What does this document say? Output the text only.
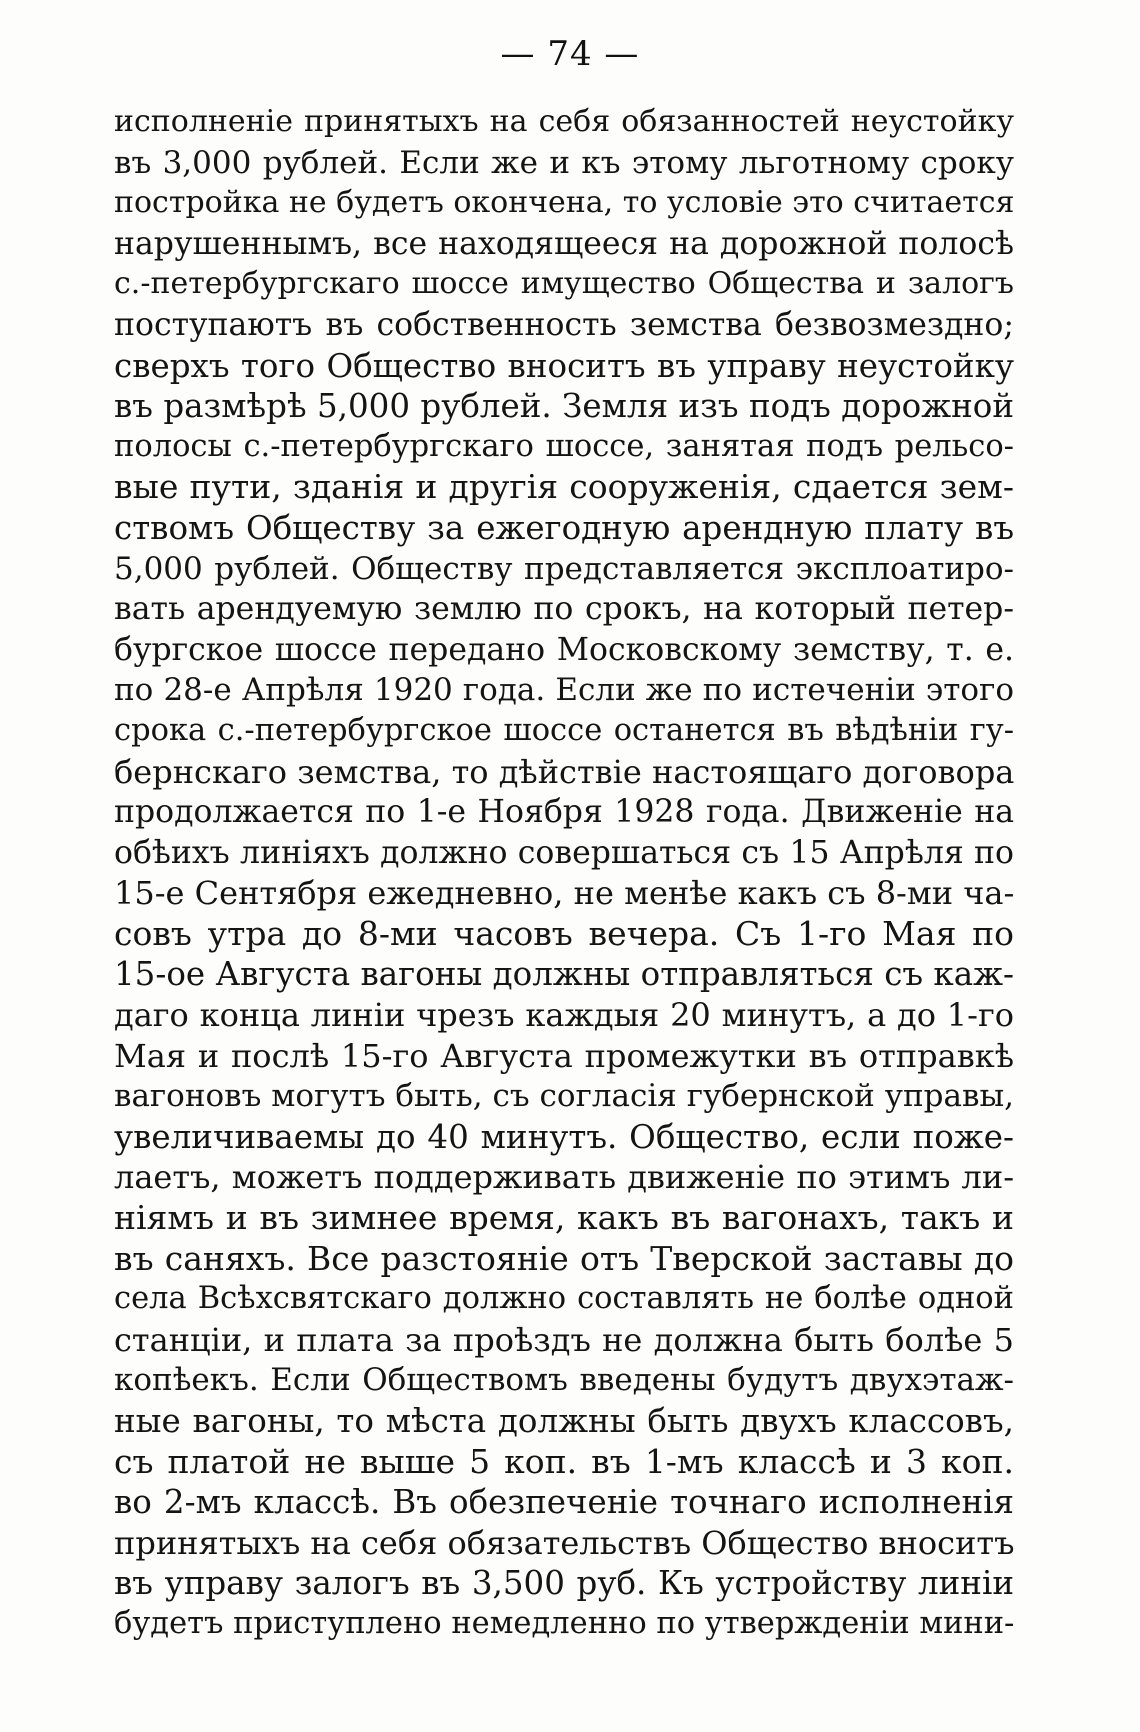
— 74 —
исполненіе принятыхъ на себя обязанностей неустойку
въ 3,000 рублей. Если же и къ этому льготному сроку
постройка не будетъ окончена, то условіе это считается
нарушеннымъ, все находящееся на дорожной полосѣ
с.-петербургскаго шоссе имущество Общества и залогъ
поступаютъ въ собственность земства безвозмездно;
сверхъ того Общество вноситъ въ управу неустойку
въ размѣрѣ 5,000 рублей. Земля изъ подъ дорожной
полосы с.-петербургскаго шоссе, занятая подъ рельсо-
вые пути, зданія и другія сооруженія, сдается зем-
ствомъ Обществу за ежегодную арендную плату въ
5,000 рублей. Обществу представляется эксплоатиро-
вать арендуемую землю по срокъ, на который петер-
бургское шоссе передано Московскому земству, т. е.
по 28-е Апрѣля 1920 года. Если же по истеченіи этого
срока с.-петербургское шоссе останется въ вѣдѣніи гу-
бернскаго земства, то дѣйствіе настоящаго договора
продолжается по 1-е Ноября 1928 года. Движеніе на
обѣихъ линіяхъ должно совершаться съ 15 Апрѣля по
15-е Сентября ежедневно, не менѣе какъ съ 8-ми ча-
совъ утра до 8-ми часовъ вечера. Съ 1-го Мая по
15-ое Августа вагоны должны отправляться съ каж-
даго конца линіи чрезъ каждыя 20 минутъ, а до 1-го
Мая и послѣ 15-го Августа промежутки въ отправкѣ
вагоновъ могутъ быть, съ согласія губернской управы,
увеличиваемы до 40 минутъ. Общество, если поже-
лаетъ, можетъ поддерживать движеніе по этимъ ли-
ніямъ и въ зимнее время, какъ въ вагонахъ, такъ и
въ саняхъ. Все разстояніе отъ Тверской заставы до
села Всѣхсвятскаго должно составлять не болѣе одной
станціи, и плата за проѣздъ не должна быть болѣе 5
копѣекъ. Если Обществомъ введены будутъ двухэтаж-
ные вагоны, то мѣста должны быть двухъ классовъ,
съ платой не выше 5 коп. въ 1-мъ классѣ и 3 коп.
во 2-мъ классѣ. Въ обезпеченіе точнаго исполненія
принятыхъ на себя обязательствъ Общество вноситъ
въ управу залогъ въ 3,500 руб. Къ устройству линіи
будетъ приступлено немедленно по утвержденіи мини-
